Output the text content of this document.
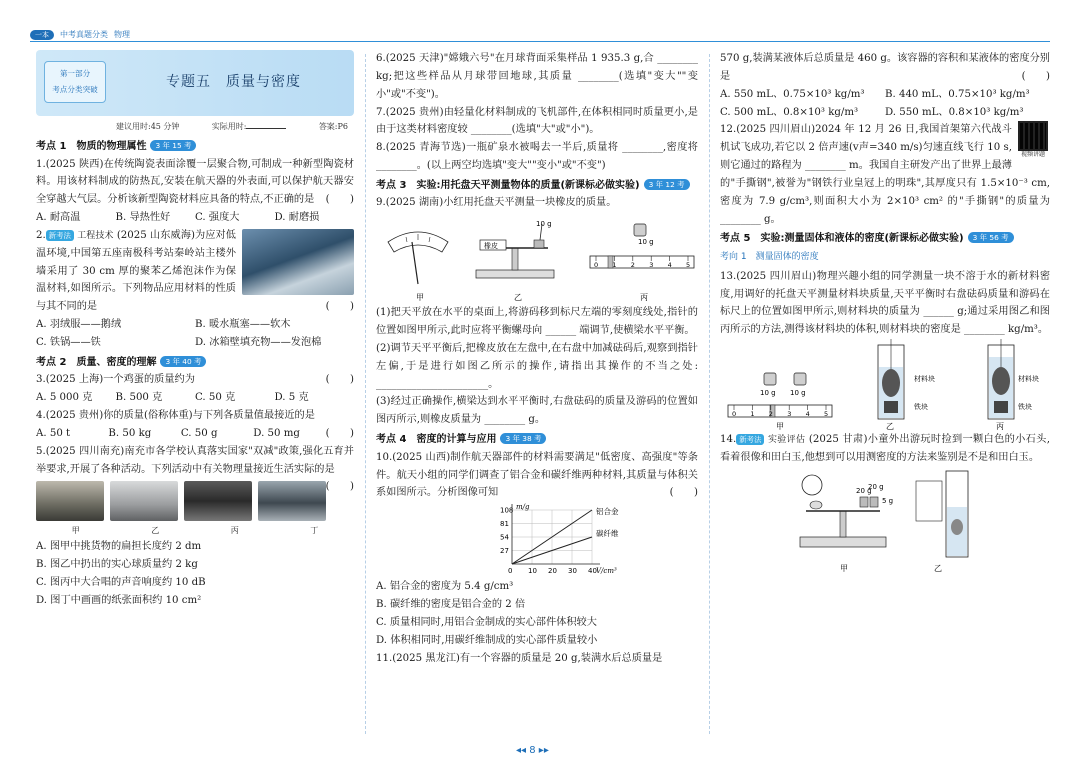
一本	中考真题分类 物理
第一部分
考点分类突破	专题五　质量与密度
建议用时:45 分钟	实际用时:	答案:P6
考点 1　物质的物理属性 3 年 15 考
1.(2025 陕西)在传统陶瓷表面涂覆一层聚合物,可制成一种新型陶瓷材料。用该材料制成的防热瓦,安装在航天器的外表面,可以保护航天器安全穿越大气层。分析该新型陶瓷材料应具备的特点,不正确的是 (　　)
A. 耐高温	B. 导热性好	C. 强度大	D. 耐磨损
2. 新考法 工程技术 (2025 山东威海)为应对低温环境,中国第五座南极科考站秦岭站主楼外墙采用了 30 cm 厚的聚苯乙烯泡沫作为保温材料,如图所示。下列物品应用材料的性质与其不同的是	(　　)
A. 羽绒服——鹅绒	B. 暖水瓶塞——软木
C. 铁锅——铁	D. 冰箱壁填充物——发泡棉
考点 2　质量、密度的理解 3 年 40 考
3.(2025 上海)一个鸡蛋的质量约为	(　　)
A. 5 000 克	B. 500 克	C. 50 克	D. 5 克
4.(2025 贵州)你的质量(俗称体重)与下列各质量值最接近的是

(　　)
A. 50 t	B. 50 kg	C. 50 g	D. 50 mg
5.(2025 四川南充)南充市各学校认真落实国家"双减"政策,强化五育并举要求,开展了各种活动。下列活动中有关物理量接近生活实际的是
(　　)
甲	乙	丙	丁
A. 图甲中挑货物的扁担长度约 2 dm
B. 图乙中扔出的实心球质量约 2 kg
C. 图丙中大合唱的声音响度约 10 dB
D. 图丁中画画的纸张面积约 10 cm²
6.(2025 天津)"嫦娥六号"在月球背面采集样品 1 935.3 g,合 ________ kg;把这些样品从月球带回地球,其质量 ________(选填"变大""变小"或"不变")。
7.(2025 贵州)由轻量化材料制成的飞机部件,在体积相同时质量更小,是由于这类材料密度较 ________(选填"大"或"小")。
8.(2025 青海节选)一瓶矿泉水被喝去一半后,质量将 ________,密度将 ________。(以上两空均选填"变大""变小"或"不变")
考点 3　实验:用托盘天平测量物体的质量(新课标必做实验) 3 年 12 考
9.(2025 湖南)小红用托盘天平测量一块橡皮的质量。
0 1 2 3 4 5
橡皮
10 g
10 g
甲	乙	丙
(1)把天平放在水平的桌面上,将游码移到标尺左端的零刻度线处,指针的位置如图甲所示,此时应将平衡螺母向 ______ 端调节,使横梁水平平衡。
(2)调节天平平衡后,把橡皮放在左盘中,在右盘中加减砝码后,观察到指针左偏,于是进行如图乙所示的操作,请指出其操作的不当之处: ______________________。
(3)经过正确操作,横梁达到水平平衡时,右盘砝码的质量及游码的位置如图丙所示,则橡皮质量为 ________ g。
考点 4　密度的计算与应用 3 年 38 考
10.(2025 山西)制作航天器部件的材料需要满足"低密度、高强度"等条件。航天小组的同学们调查了铝合金和碳纤维两种材料,其质量与体积关系如图所示。分析图像可知	(　　)
27
54
81
108
0 10 20 30 40
m/g
V/cm³
铝合金
碳纤维
A. 铝合金的密度为 5.4 g/cm³
B. 碳纤维的密度是铝合金的 2 倍
C. 质量相同时,用铝合金制成的实心部件体积较大
D. 体积相同时,用碳纤维制成的实心部件质量较小
11.(2025 黑龙江)有一个容器的质量是 20 g,装满水后总质量是
570 g,装满某液体后总质量是 460 g。该容器的容积和某液体的密度分别是	(　　)
A. 550 mL、0.75×10³ kg/m³	B. 440 mL、0.75×10³ kg/m³
C. 500 mL、0.8×10³ kg/m³	D. 550 mL、0.8×10³ kg/m³
视频讲题
12.(2025 四川眉山)2024 年 12 月 26 日,我国首架第六代战斗机试飞成功,若它以 2 倍声速(v声=340 m/s)匀速直线飞行 10 s,则它通过的路程为 ________ m。我国自主研发产出了世界上最薄的"手撕钢",被誉为"钢铁行业皇冠上的明珠",其厚度只有 1.5×10⁻³ cm,密度为 7.9 g/cm³,则面积大小为 2×10³ cm² 的"手撕钢"的质量为 ________ g。
考点 5　实验:测量固体和液体的密度(新课标必做实验) 3 年 56 考
考向 1　测量固体的密度
13.(2025 四川眉山)物理兴趣小组的同学测量一块不溶于水的新材料密度,用调好的托盘天平测量材料块质量,天平平衡时右盘砝码质量和游码在标尺上的位置如图甲所示,则材料块的质量为 ______ g;通过采用图乙和图丙所示的方法,测得该材料块的体积,则材料块的密度是 ________ kg/m³。
0 1 2 3 4 5
10 g 10 g
材料块
铁块
材料块
铁块
甲	乙	丙
14. 新考法 实验评估 (2025 甘肃)小童外出游玩时捡到一颗白色的小石头,看着很像和田白玉,他想到可以用测密度的方法来鉴别是不是和田白玉。
20 g
20 g
5 g
甲	乙
◂◂ 8 ▸▸
